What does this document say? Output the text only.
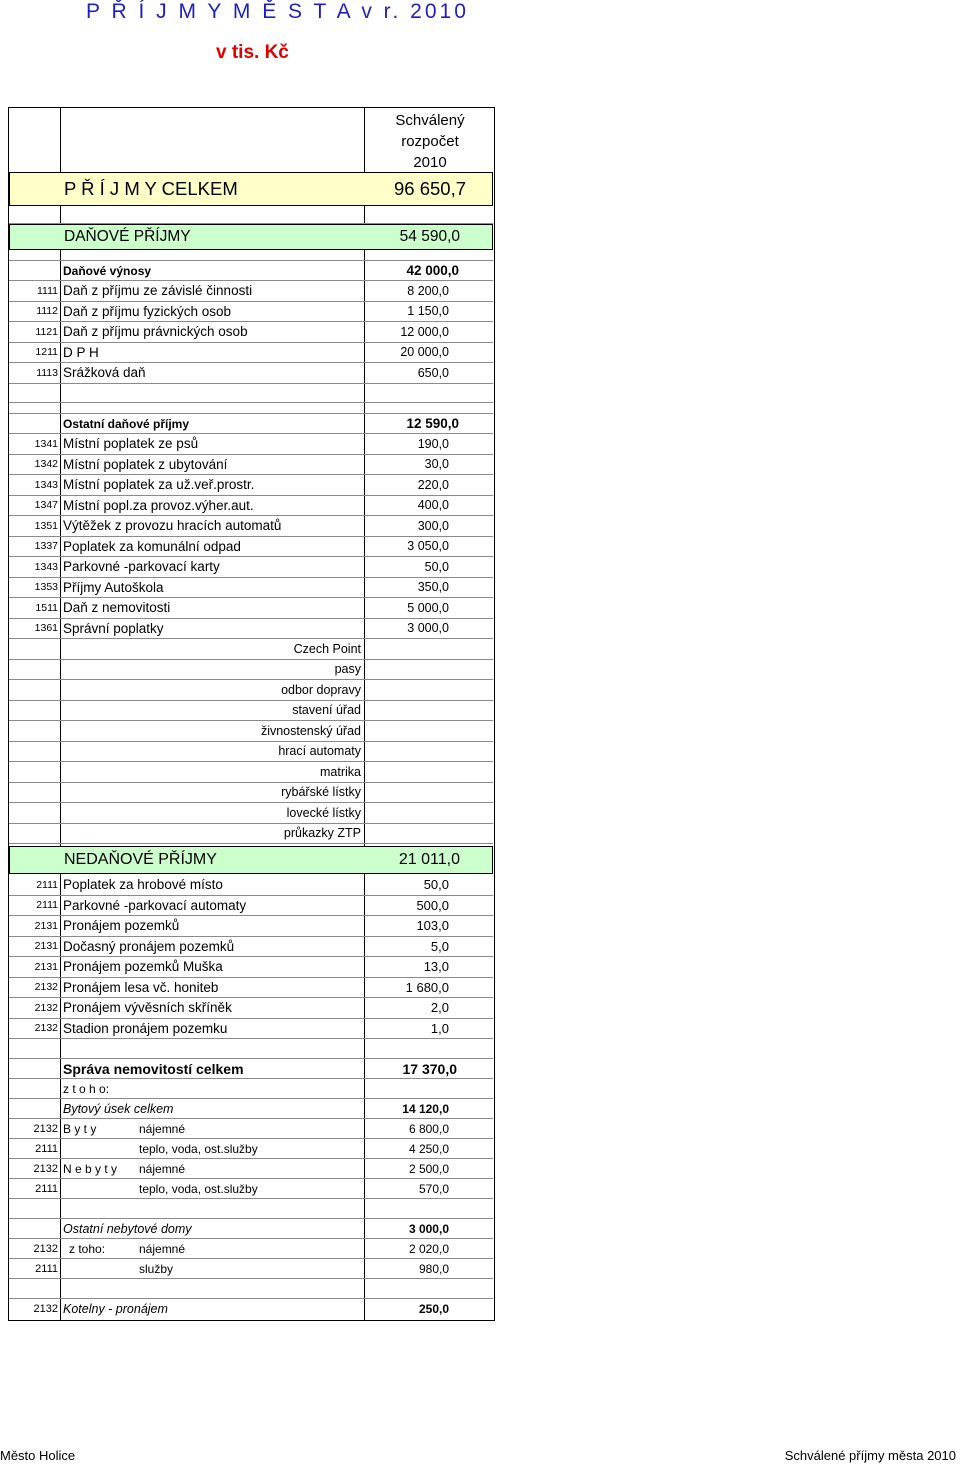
P Ř Í J M Y M Ě S T A v r. 2010
v tis. Kč
Schválený
rozpočet
2010
P Ř Í J M Y CELKEM	96 650,7
DAŇOVÉ PŘÍJMY	54 590,0
Daňové výnosy	42 000,0
1111 Daň z příjmu ze závislé činnosti	8 200,0
1112 Daň z příjmu fyzických osob	1 150,0
1121 Daň z příjmu právnických osob	12 000,0
1211 D P H	20 000,0
1113 Srážková daň	650,0
Ostatní daňové příjmy	12 590,0
1341 Místní poplatek ze psů	190,0
1342 Místní poplatek z ubytování	30,0
1343 Místní poplatek za už.veř.prostr.	220,0
1347 Místní popl.za provoz.výher.aut.	400,0
1351 Výtěžek z provozu hracích automatů	300,0
1337 Poplatek za komunální odpad	3 050,0
1343 Parkovné -parkovací karty	50,0
1353 Příjmy Autoškola	350,0
1511 Daň z nemovitosti	5 000,0
1361 Správní poplatky	3 000,0
Czech Point
pasy
odbor dopravy
stavení úřad
živnostenský úřad
hrací automaty
matrika
rybářské lístky
lovecké lístky
průkazky ZTP
NEDAŇOVÉ PŘÍJMY	21 011,0
2111 Poplatek za hrobové místo	50,0
2111 Parkovné -parkovací automaty	500,0
2131 Pronájem pozemků	103,0
2131 Dočasný pronájem pozemků	5,0
2131 Pronájem pozemků Muška	13,0
2132 Pronájem lesa vč. honiteb	1 680,0
2132 Pronájem vývěsních skříněk	2,0
2132 Stadion pronájem pozemku	1,0
Správa nemovitostí celkem	17 370,0
z t o h o:
Bytový úsek celkem	14 120,0
2132 B y t y	nájemné	6 800,0
2111	teplo, voda, ost.služby	4 250,0
2132 N e b y t y nájemné	2 500,0
2111	teplo, voda, ost.služby	570,0
Ostatní nebytové domy	3 000,0
2132 z toho:	nájemné	2 020,0
2111	služby	980,0
2132 Kotelny - pronájem	250,0
Město Holice	Schválené příjmy města 2010
